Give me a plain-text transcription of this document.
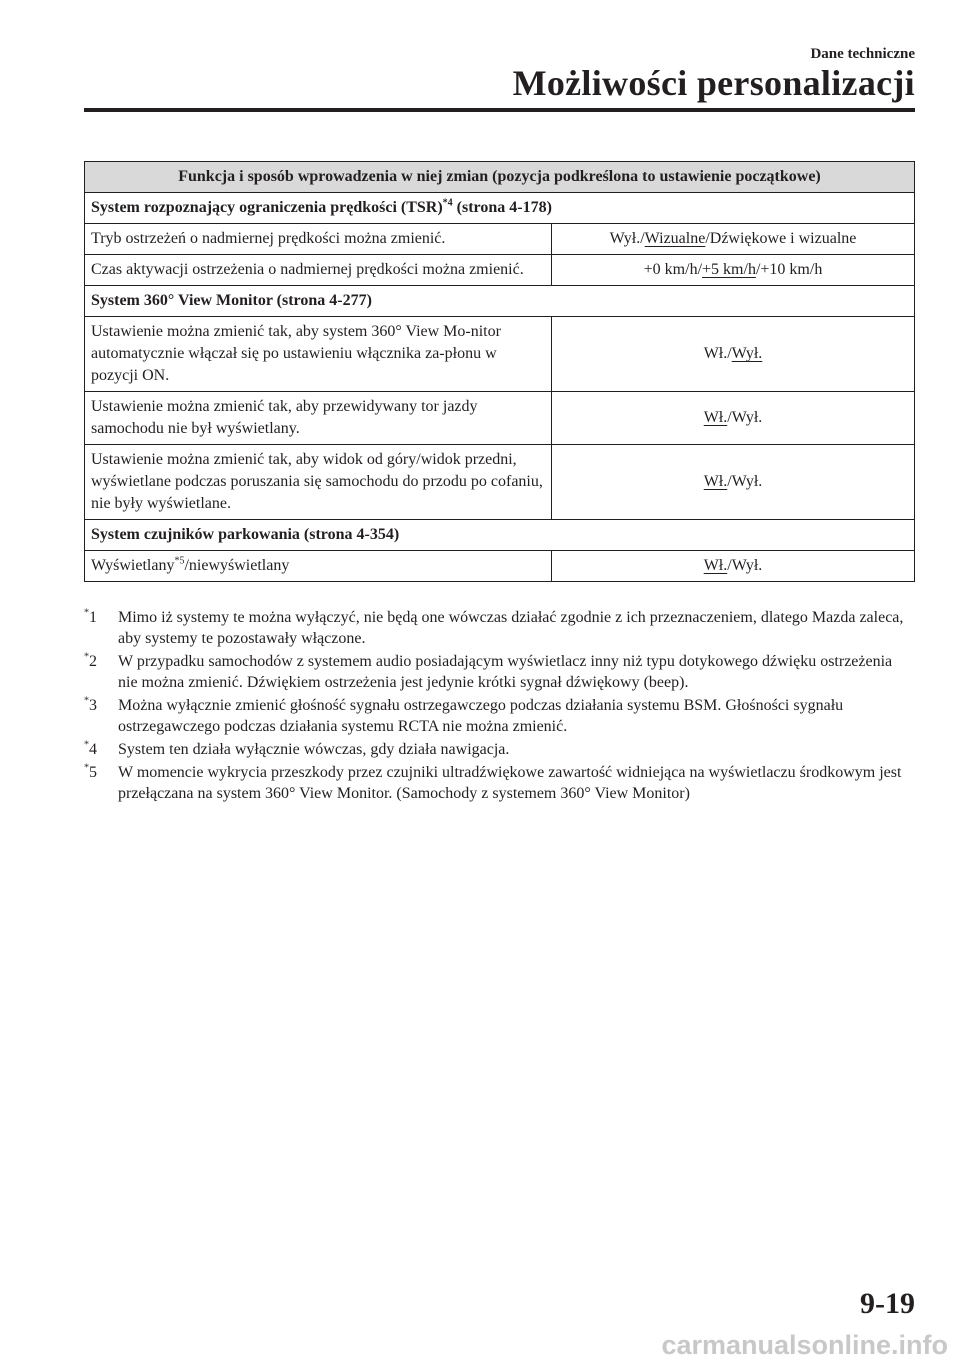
Dane techniczne
Możliwości personalizacji
Funkcja i sposób wprowadzenia w niej zmian (pozycja podkreślona to ustawienie początkowe)	
System rozpoznający ograniczenia prędkości (TSR)$^{*4}$ (strona 4-178)	
Tryb ostrzeżeń o nadmiernej prędkości można zmienić.	Wył./Wizualne/Dźwiękowe i wizualne
Czas aktywacji ostrzeżenia o nadmiernej prędkości można zmienić.	+0 km/h/+5 km/h/+10 km/h
System 360° View Monitor (strona 4-277)	
Ustawienie można zmienić tak, aby system 360° View Mo-nitor automatycznie włączał się po ustawieniu włącznika za-płonu w pozycji ON.	Wł./Wył.
Ustawienie można zmienić tak, aby przewidywany tor jazdy samochodu nie był wyświetlany.	Wł./Wył.
Ustawienie można zmienić tak, aby widok od góry/widok przedni, wyświetlane podczas poruszania się samochodu do przodu po cofaniu, nie były wyświetlane.	Wł./Wył.
System czujników parkowania (strona 4-354)	
Wyświetlany$^{*5}$/niewyświetlany	Wł./Wył.
*1 Mimo iż systemy te można wyłączyć, nie będą one wówczas działać zgodnie z ich przeznaczeniem, dlatego Mazda zaleca, aby systemy te pozostawały włączone.
*2 W przypadku samochodów z systemem audio posiadającym wyświetlacz inny niż typu dotykowego dźwięku ostrzeżenia nie można zmienić. Dźwiękiem ostrzeżenia jest jedynie krótki sygnał dźwiękowy (beep).
*3 Można wyłącznie zmienić głośność sygnału ostrzegawczego podczas działania systemu BSM. Głośności sygnału ostrzegawczego podczas działania systemu RCTA nie można zmienić.
*4 System ten działa wyłącznie wówczas, gdy działa nawigacja.
*5 W momencie wykrycia przeszkody przez czujniki ultradźwiękowe zawartość widniejąca na wyświetlaczu środkowym jest przełączana na system 360° View Monitor. (Samochody z systemem 360° View Monitor)
9-19
carmanualsonline.info
